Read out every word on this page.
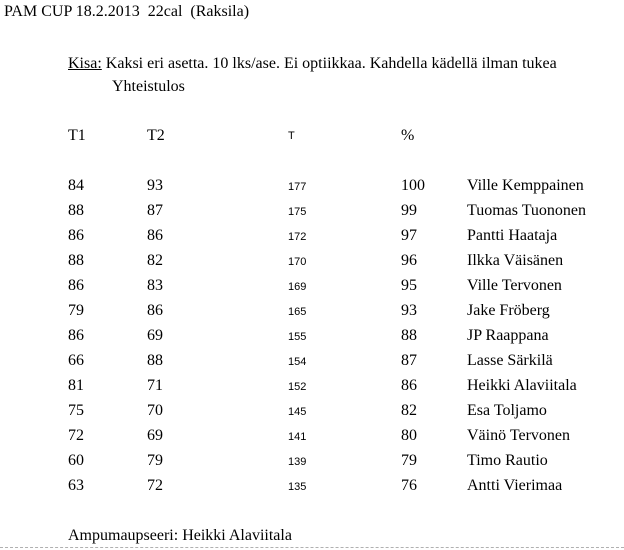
PAM CUP 18.2.2013  22cal  (Raksila)
Kisa: Kaksi eri asetta. 10 lks/ase. Ei optiikkaa. Kahdella kädellä ilman tukea
Yhteistulos
T1	T2	T	%
84	93	177	100	Ville Kemppainen
88	87	175	99	Tuomas Tuononen
86	86	172	97	Pantti Haataja
88	82	170	96	Ilkka Väisänen
86	83	169	95	Ville Tervonen
79	86	165	93	Jake Fröberg
86	69	155	88	JP Raappana
66	88	154	87	Lasse Särkilä
81	71	152	86	Heikki Alaviitala
75	70	145	82	Esa Toljamo
72	69	141	80	Väinö Tervonen
60	79	139	79	Timo Rautio
63	72	135	76	Antti Vierimaa
Ampumaupseeri: Heikki Alaviitala
